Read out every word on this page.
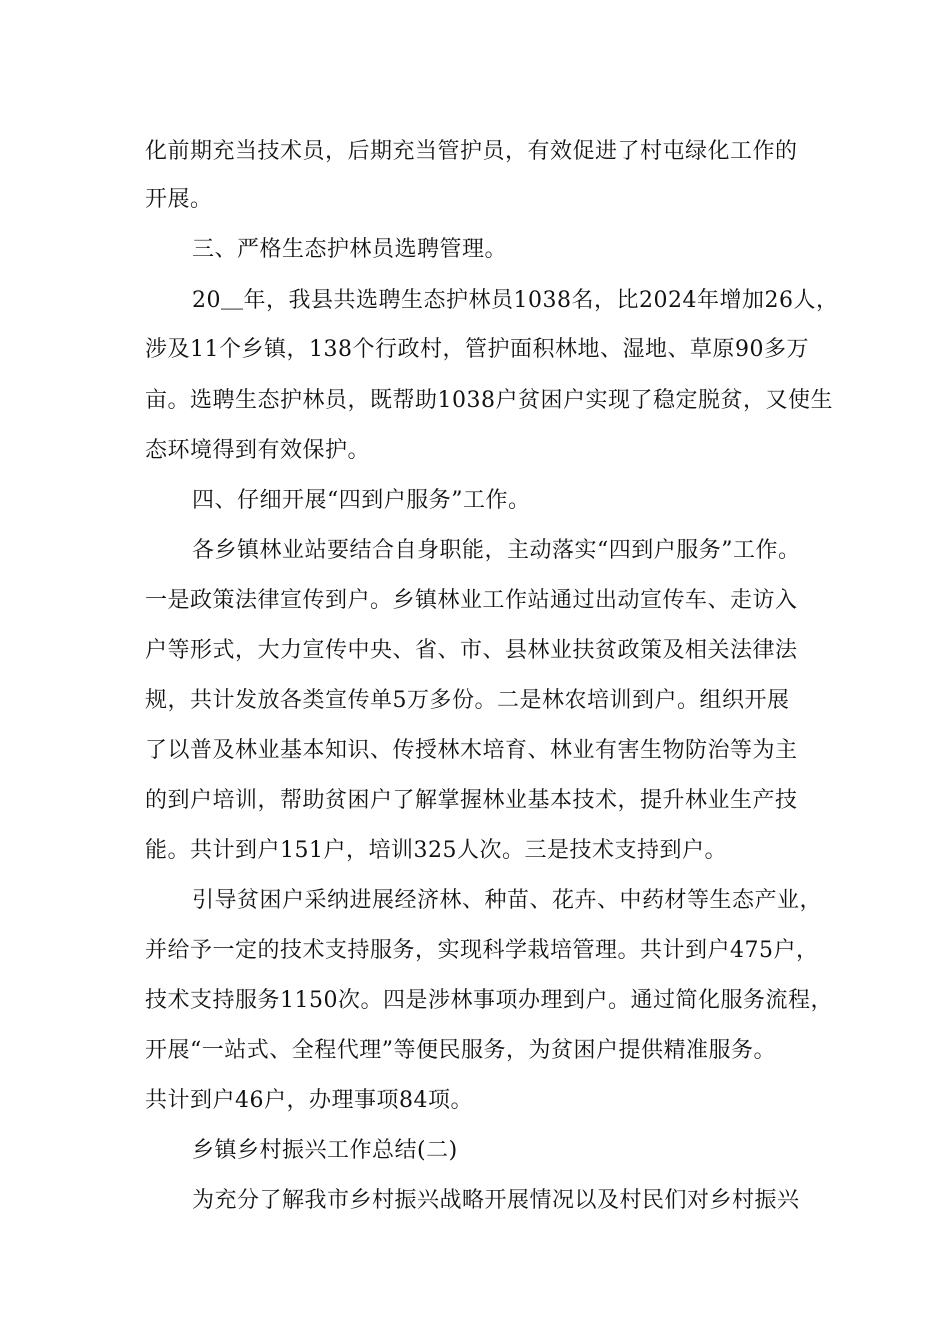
化前期充当技术员，后期充当管护员，有效促进了村屯绿化工作的
开展。
三、严格生态护林员选聘管理。
20＿年，我县共选聘生态护林员1038名，比2024年增加26人，
涉及11个乡镇，138个行政村，管护面积林地、湿地、草原90多万
亩。选聘生态护林员，既帮助1038户贫困户实现了稳定脱贫，又使生
态环境得到有效保护。
四、仔细开展“四到户服务”工作。
各乡镇林业站要结合自身职能，主动落实“四到户服务”工作。
一是政策法律宣传到户。乡镇林业工作站通过出动宣传车、走访入
户等形式，大力宣传中央、省、市、县林业扶贫政策及相关法律法
规，共计发放各类宣传单5万多份。二是林农培训到户。组织开展
了以普及林业基本知识、传授林木培育、林业有害生物防治等为主
的到户培训，帮助贫困户了解掌握林业基本技术，提升林业生产技
能。共计到户151户，培训325人次。三是技术支持到户。
引导贫困户采纳进展经济林、种苗、花卉、中药材等生态产业，
并给予一定的技术支持服务，实现科学栽培管理。共计到户475户，
技术支持服务1150次。四是涉林事项办理到户。通过简化服务流程，
开展“一站式、全程代理”等便民服务，为贫困户提供精准服务。
共计到户46户，办理事项84项。
乡镇乡村振兴工作总结(二)
为充分了解我市乡村振兴战略开展情况以及村民们对乡村振兴
